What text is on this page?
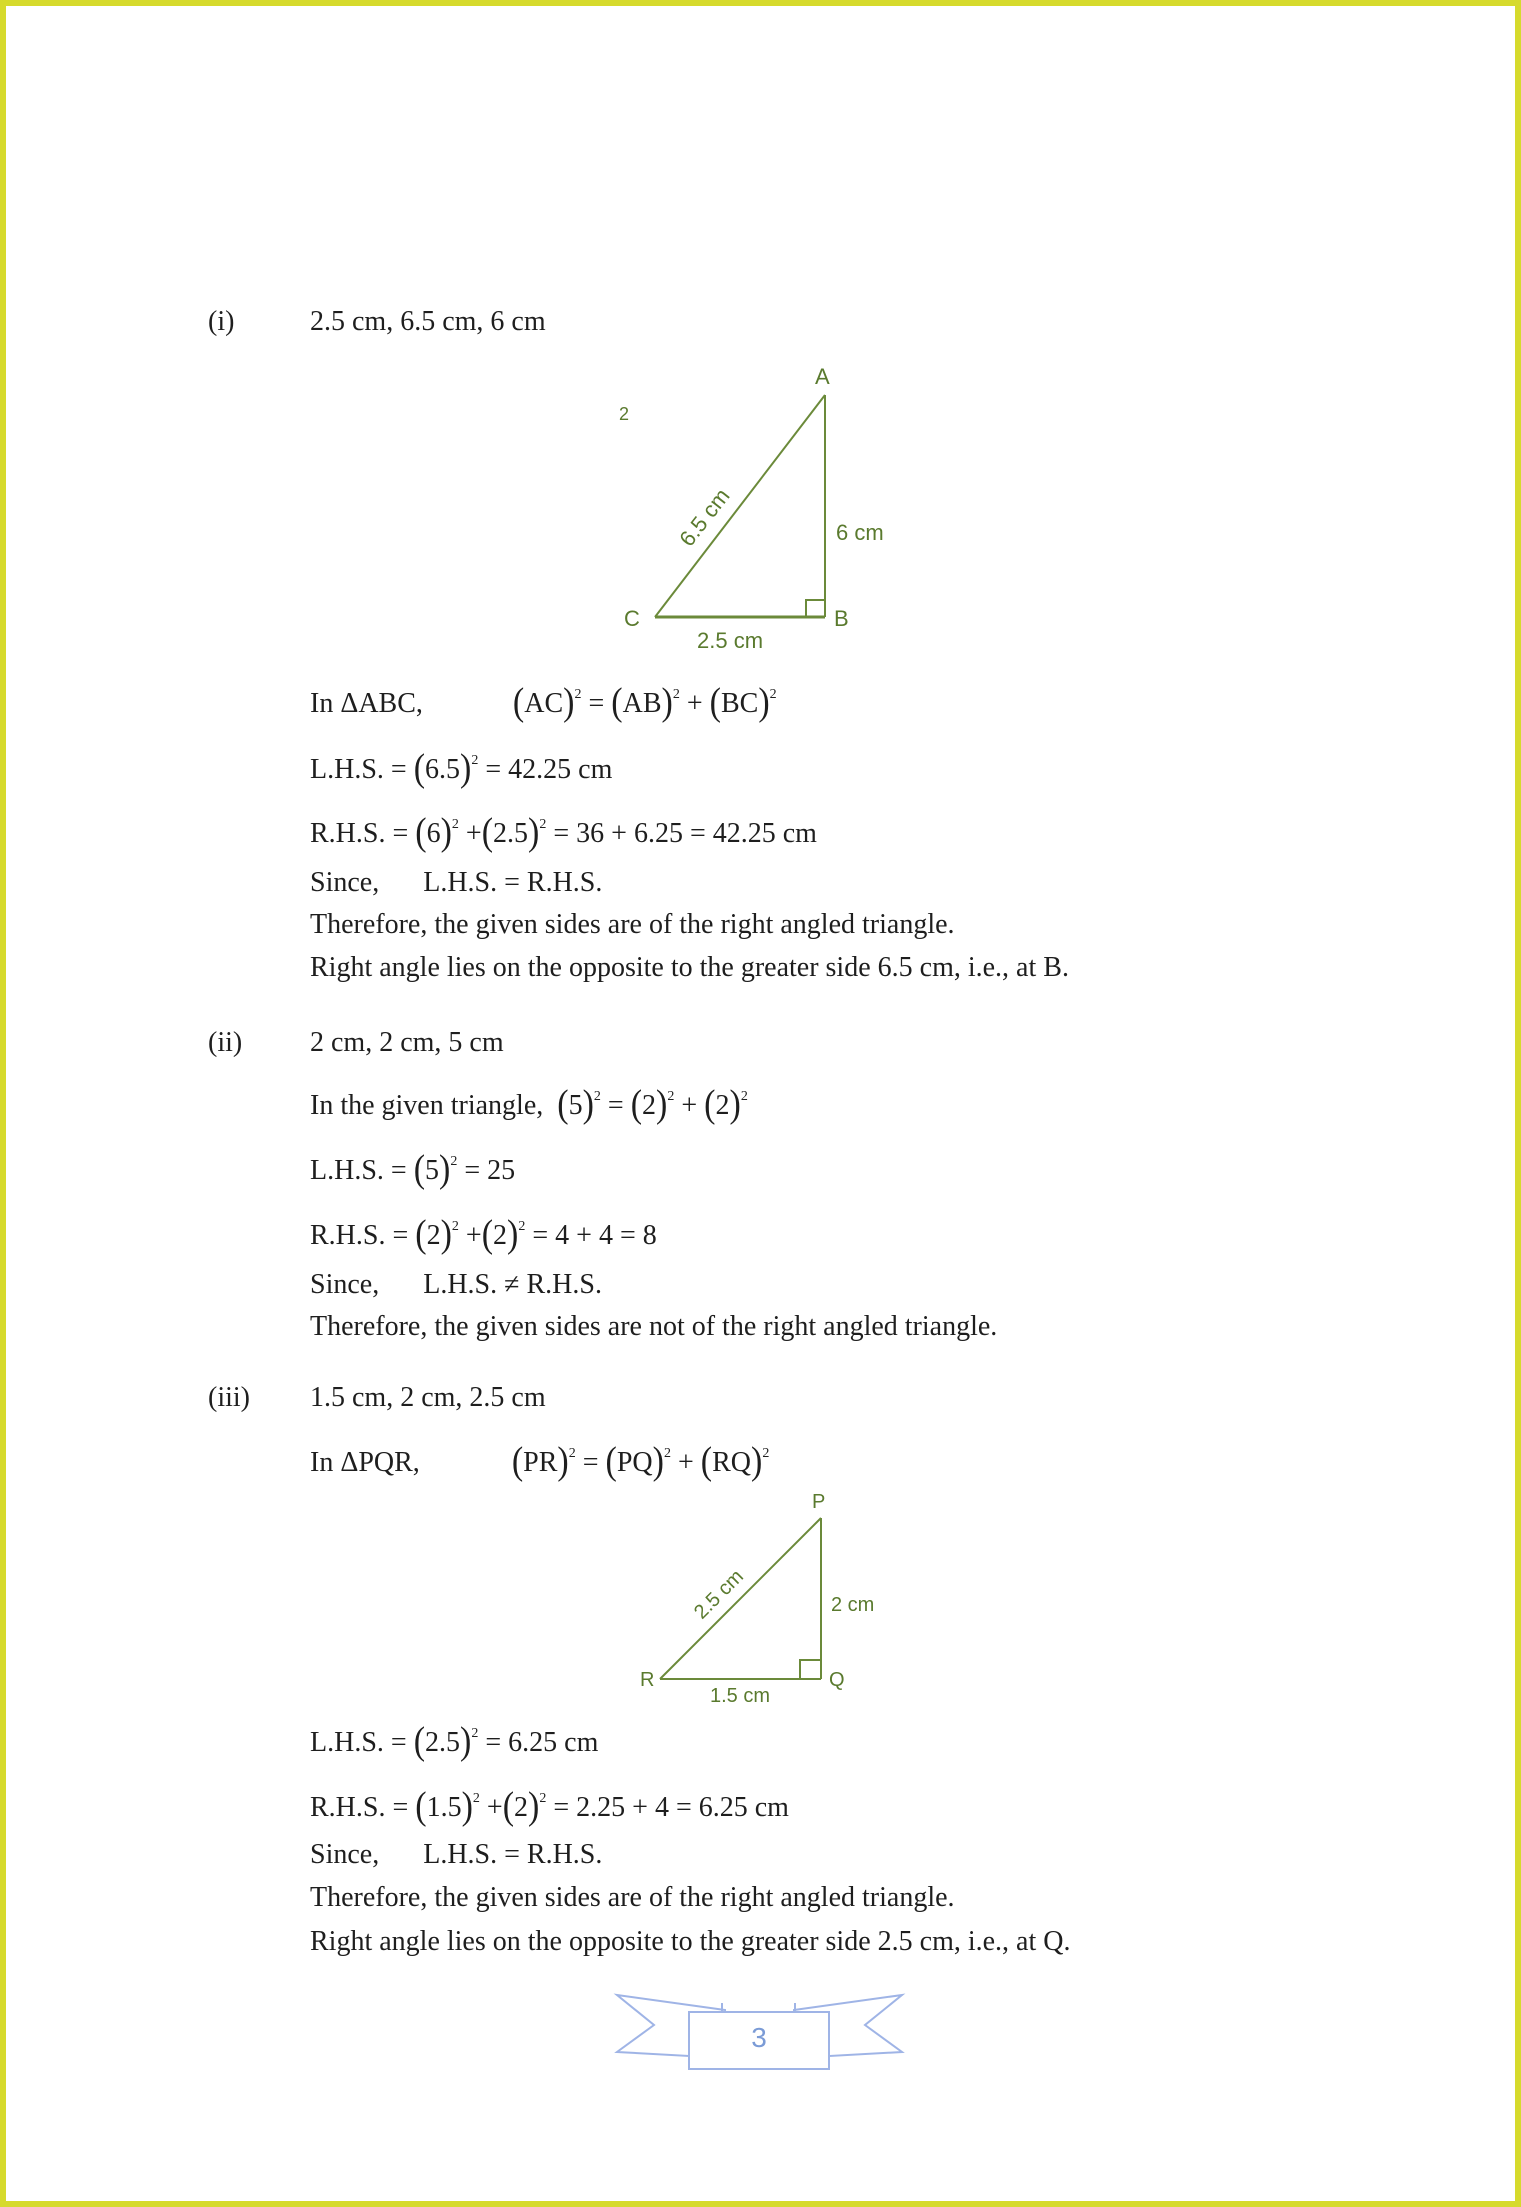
(i)	2.5 cm, 6.5 cm, 6 cm
A
B
C
6 cm
2.5 cm
6.5 cm
2
In ΔABC,	(AC)$^2$ = (AB)$^2$ + (BC)$^2$
L.H.S. = $(6.5)^2 = 42.25$ cm
R.H.S. = $(6)^2 +(2.5)^2 = 36 + 6.25 = 42.25$ cm
Since, L.H.S. = R.H.S.
Therefore, the given sides are of the right angled triangle.
Right angle lies on the opposite to the greater side 6.5 cm, i.e., at B.
(ii) 2 cm, 2 cm, 5 cm
In the given triangle, $(5)^2 = (2)^2 + (2)^2$
L.H.S. = $(5)^2 = 25$
R.H.S. = $(2)^2 +(2)^2 = 4 + 4 = 8$
Since, L.H.S. ≠ R.H.S.
Therefore, the given sides are not of the right angled triangle.
(iii) 1.5 cm, 2 cm, 2.5 cm
In ΔPQR,	(PR)$^2$ = (PQ)$^2$ + (RQ)$^2$
P
Q
R
2 cm
1.5 cm
2.5 cm
L.H.S. = $(2.5)^2 = 6.25$ cm
R.H.S. = $(1.5)^2 +(2)^2 = 2.25 + 4 = 6.25$ cm
Since, L.H.S. = R.H.S.
Therefore, the given sides are of the right angled triangle.
Right angle lies on the opposite to the greater side 2.5 cm, i.e., at Q.
3
